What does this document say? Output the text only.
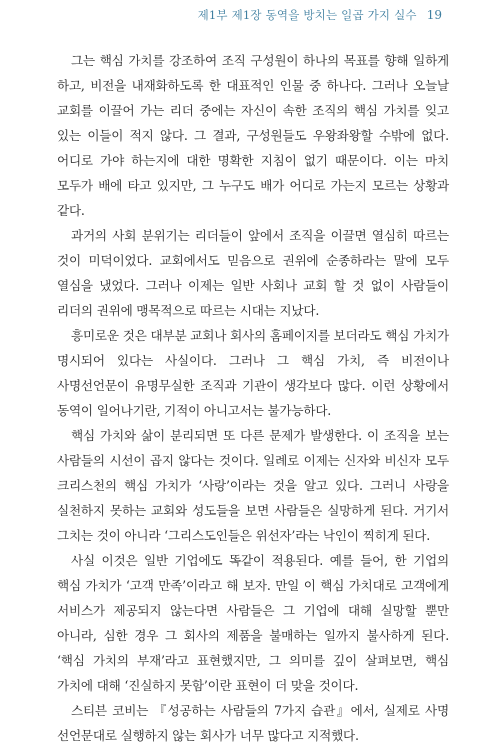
제1부 제1장 동역을 방치는 일곱 가지 실수 19

그는 핵심 가치를 강조하여 조직 구성원이 하나의 목표를 향해 일하게 하고, 비전을 내재화하도록 한 대표적인 인물 중 하나다. 그러나 오늘날 교회를 이끌어 가는 리더 중에는 자신이 속한 조직의 핵심 가치를 잊고 있는 이들이 적지 않다. 그 결과, 구성원들도 우왕좌왕할 수밖에 없다. 어디로 가야 하는지에 대한 명확한 지침이 없기 때문이다. 이는 마치 모두가 배에 타고 있지만, 그 누구도 배가 어디로 가는지 모르는 상황과 같다.

과거의 사회 분위기는 리더들이 앞에서 조직을 이끌면 열심히 따르는 것이 미덕이었다. 교회에서도 믿음으로 권위에 순종하라는 말에 모두 열심을 냈었다. 그러나 이제는 일반 사회나 교회 할 것 없이 사람들이 리더의 권위에 맹목적으로 따르는 시대는 지났다.

흥미로운 것은 대부분 교회나 회사의 홈페이지를 보더라도 핵심 가치가 명시되어 있다는 사실이다. 그러나 그 핵심 가치, 즉 비전이나 사명선언문이 유명무실한 조직과 기관이 생각보다 많다. 이런 상황에서 동역이 일어나기란, 기적이 아니고서는 불가능하다.

핵심 가치와 삶이 분리되면 또 다른 문제가 발생한다. 이 조직을 보는 사람들의 시선이 곱지 않다는 것이다. 일례로 이제는 신자와 비신자 모두 크리스천의 핵심 가치가 ‘사랑’이라는 것을 알고 있다. 그러니 사랑을 실천하지 못하는 교회와 성도들을 보면 사람들은 실망하게 된다. 거기서 그치는 것이 아니라 ‘그리스도인들은 위선자’라는 낙인이 찍히게 된다.

사실 이것은 일반 기업에도 똑같이 적용된다. 예를 들어, 한 기업의 핵심 가치가 ‘고객 만족’이라고 해 보자. 만일 이 핵심 가치대로 고객에게 서비스가 제공되지 않는다면 사람들은 그 기업에 대해 실망할 뿐만 아니라, 심한 경우 그 회사의 제품을 불매하는 일까지 불사하게 된다. ‘핵심 가치의 부재’라고 표현했지만, 그 의미를 깊이 살펴보면, 핵심 가치에 대해 ‘진실하지 못함’이란 표현이 더 맞을 것이다.

스티븐 코비는 『성공하는 사람들의 7가지 습관』에서, 실제로 사명 선언문대로 실행하지 않는 회사가 너무 많다고 지적했다.
